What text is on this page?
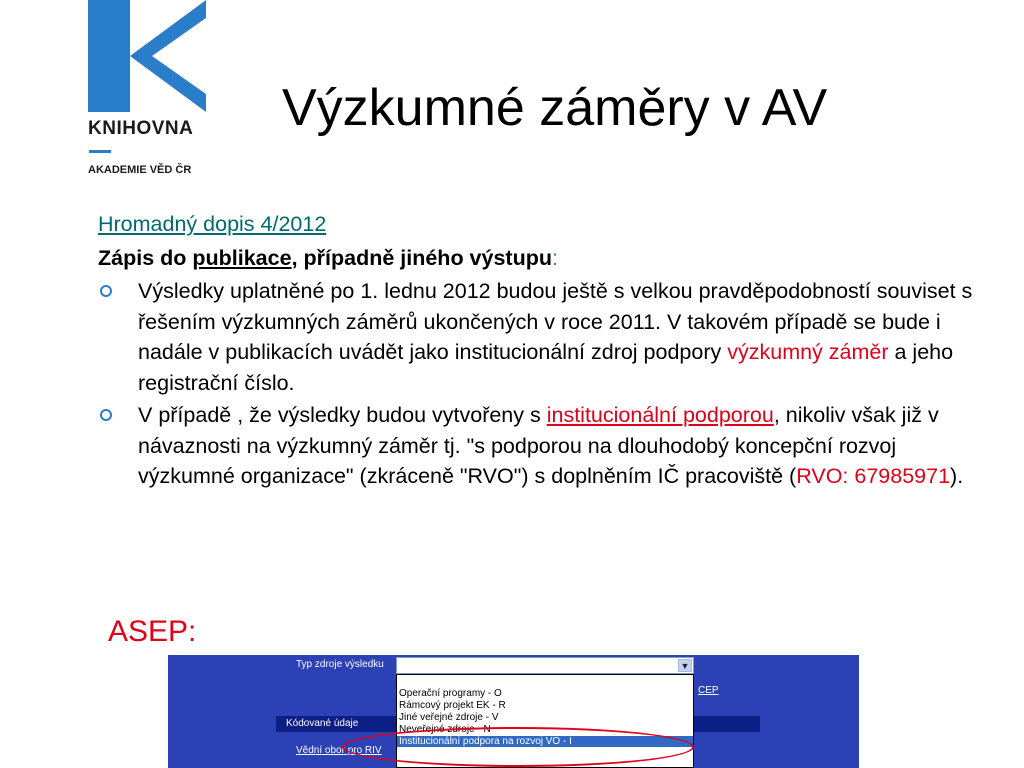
KNIHOVNA
AKADEMIE VĚD ČR
Výzkumné záměry v AV
Hromadný dopis 4/2012
Zápis do publikace, případně jiného výstupu:
Výsledky uplatněné po 1. lednu 2012 budou ještě s velkou pravděpodobností souviset s řešením výzkumných záměrů ukončených v roce 2011. V takovém případě se bude i nadále v publikacích uvádět jako institucionální zdroj podpory výzkumný záměr a jeho registrační číslo.
V případě , že výsledky budou vytvořeny s institucionální podporou, nikoliv však již v návaznosti na výzkumný záměr tj. "s podporou na dlouhodobý koncepční rozvoj výzkumné organizace" (zkráceně "RVO") s doplněním IČ pracoviště (RVO: 67985971).
ASEP:
Typ zdroje výsledku	▼
Kódované údaje
CEP
Vědní obor pro RIV
Operační programy - O
Rámcový projekt EK - R
Jiné veřejné zdroje - V
Neveřejné zdroje - N
Institucionální podpora na rozvoj VO - I
